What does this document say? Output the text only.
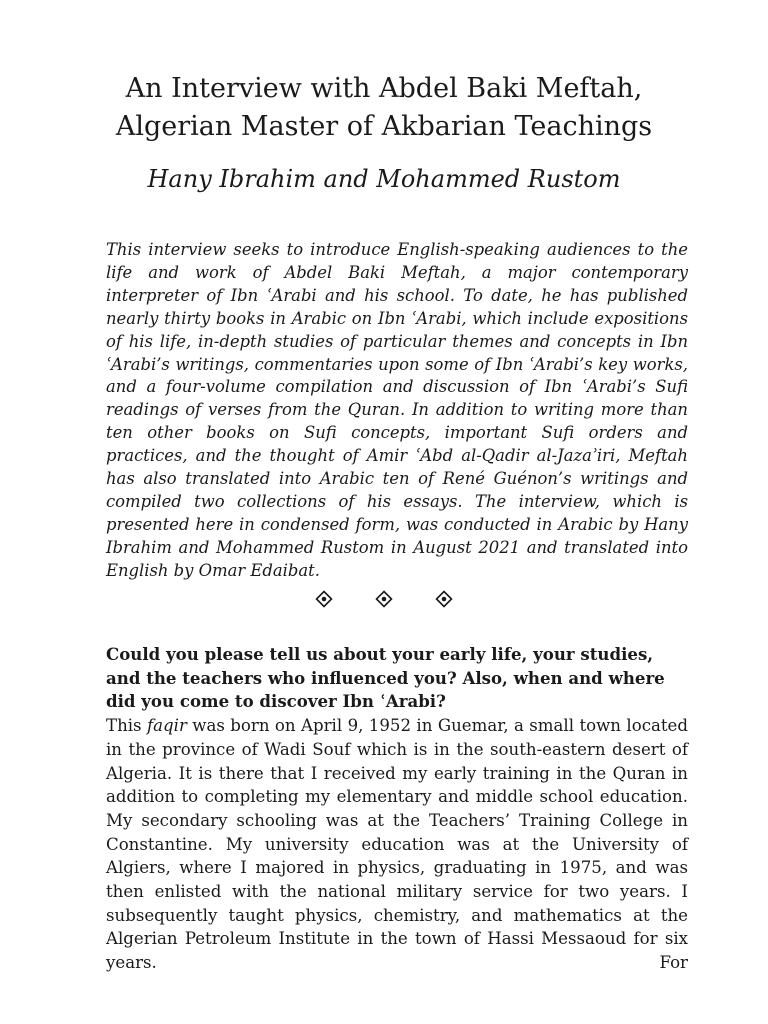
An Interview with Abdel Baki Meftah,
Algerian Master of Akbarian Teachings

Hany Ibrahim and Mohammed Rustom

This interview seeks to introduce English-speaking audiences to the life and work of Abdel Baki Meftah, a major contemporary interpreter of Ibn ʿArabi and his school. To date, he has published nearly thirty books in Arabic on Ibn ʿArabi, which include expositions of his life, in-depth studies of particular themes and concepts in Ibn ʿArabi’s writings, commentaries upon some of Ibn ʿArabi’s key works, and a four-volume compilation and discussion of Ibn ʿArabi’s Sufi readings of verses from the Quran. In addition to writing more than ten other books on Sufi concepts, important Sufi orders and practices, and the thought of Amir ʿAbd al-Qadir al-Jazaʾiri, Meftah has also translated into Arabic ten of René Guénon’s writings and compiled two collections of his essays. The interview, which is presented here in condensed form, was conducted in Arabic by Hany Ibrahim and Mohammed Rustom in August 2021 and translated into English by Omar Edaibat.

Could you please tell us about your early life, your studies, and the teachers who influenced you? Also, when and where did you come to discover Ibn ʿArabi?

This faqir was born on April 9, 1952 in Guemar, a small town located in the province of Wadi Souf which is in the south-eastern desert of Algeria. It is there that I received my early training in the Quran in addition to completing my elementary and middle school education. My secondary schooling was at the Teachers’ Training College in Constantine. My university education was at the University of Algiers, where I majored in physics, graduating in 1975, and was then enlisted with the national military service for two years. I subsequently taught physics, chemistry, and mathematics at the Algerian Petroleum Institute in the town of Hassi Messaoud for six years. For
